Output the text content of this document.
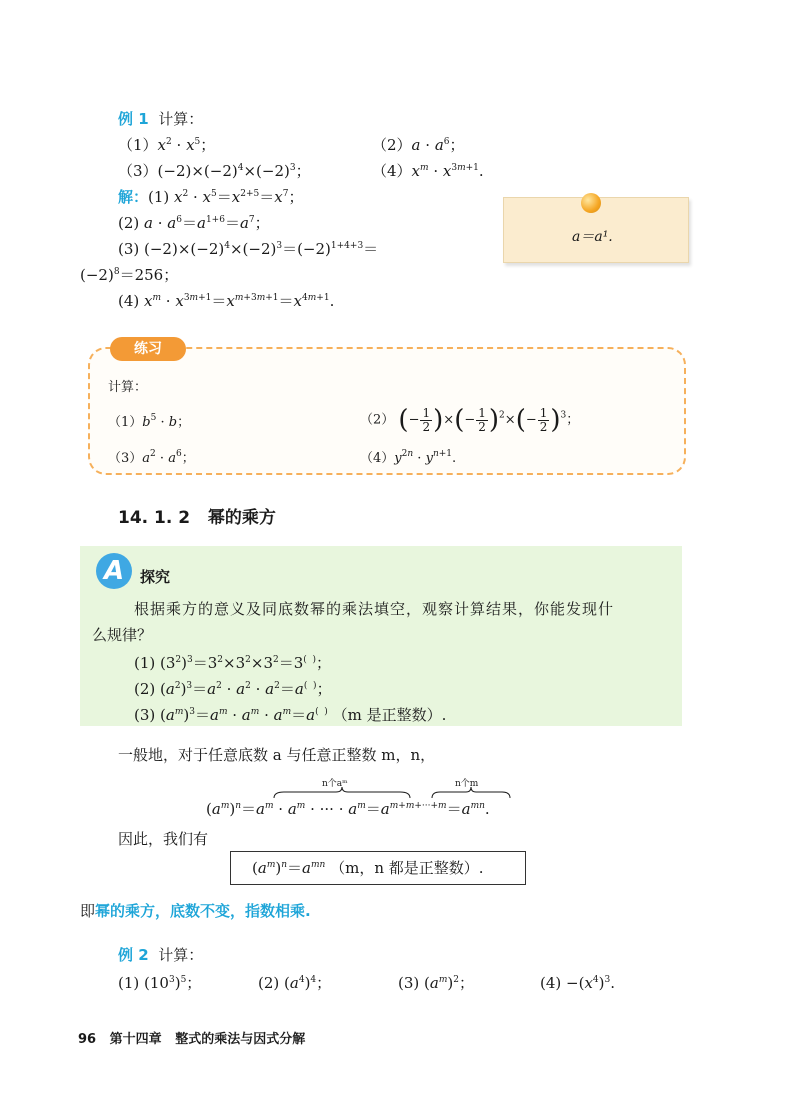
例 1 计算：
$(1)x^2 \cdot x^5$；	$(2)a \cdot a^6$；
$(3)(-2)\times(-2)^4\times(-2)^3$；	$(4)x^m \cdot x^{3m+1}$.
解：(1) $x^2 \cdot x^5=x^{2+5}=x^7$；
(2) $a \cdot a^6=a^{1+6}=a^7$；
(3) $(-2)\times(-2)^4\times(-2)^3=(-2)^{1+4+3}=$
$(-2)^8=256$；
(4) $x^m \cdot x^{3m+1}=x^{m+3m+1}=x^{4m+1}$.
a＝a¹.
练习
计算：
$(1)b^5 \cdot b$；	（2） (− $\frac{1}{2}$ )×(− $\frac{1}{2} )^2\times(- \frac{1}{2} )^3$；
$(3)a^2 \cdot a^6$；	$(4)y^{2n} \cdot y^{n+1}$.
14. 1. 2 幂的乘方
A	探究
根据乘方的意义及同底数幂的乘法填空，观察计算结果，你能发现什
么规律？
(1) $(3^2)^3=3^2\times 3^2\times 3^2=3^{( )}$；
(2) $(a^2)^3=a^2 \cdot a^2 \cdot a^2=a^{( )}$；
(3) $(a^m)^3=a^m \cdot a^m \cdot a^m=a^{( )}$ （m 是正整数）.
一般地，对于任意底数 a 与任意正整数 m，n，
n个aᵐ	n个m
$(a^m)^n=a^m \cdot a^m$ · ··· · $a^m=a^{m+m+\cdot\cdot\cdot+m}=a^{mn}$.
因此，我们有
$(a^m)^n=a^{mn}$ （m，n 都是正整数）.
即幂的乘方，底数不变，指数相乘.
例 2 计算：
(1) $(10^3)^5$；	(2) $(a^4)^4$；	(3) $(a^m)^2$；	$(4) -(x^4)^3$.
96 第十四章 整式的乘法与因式分解
